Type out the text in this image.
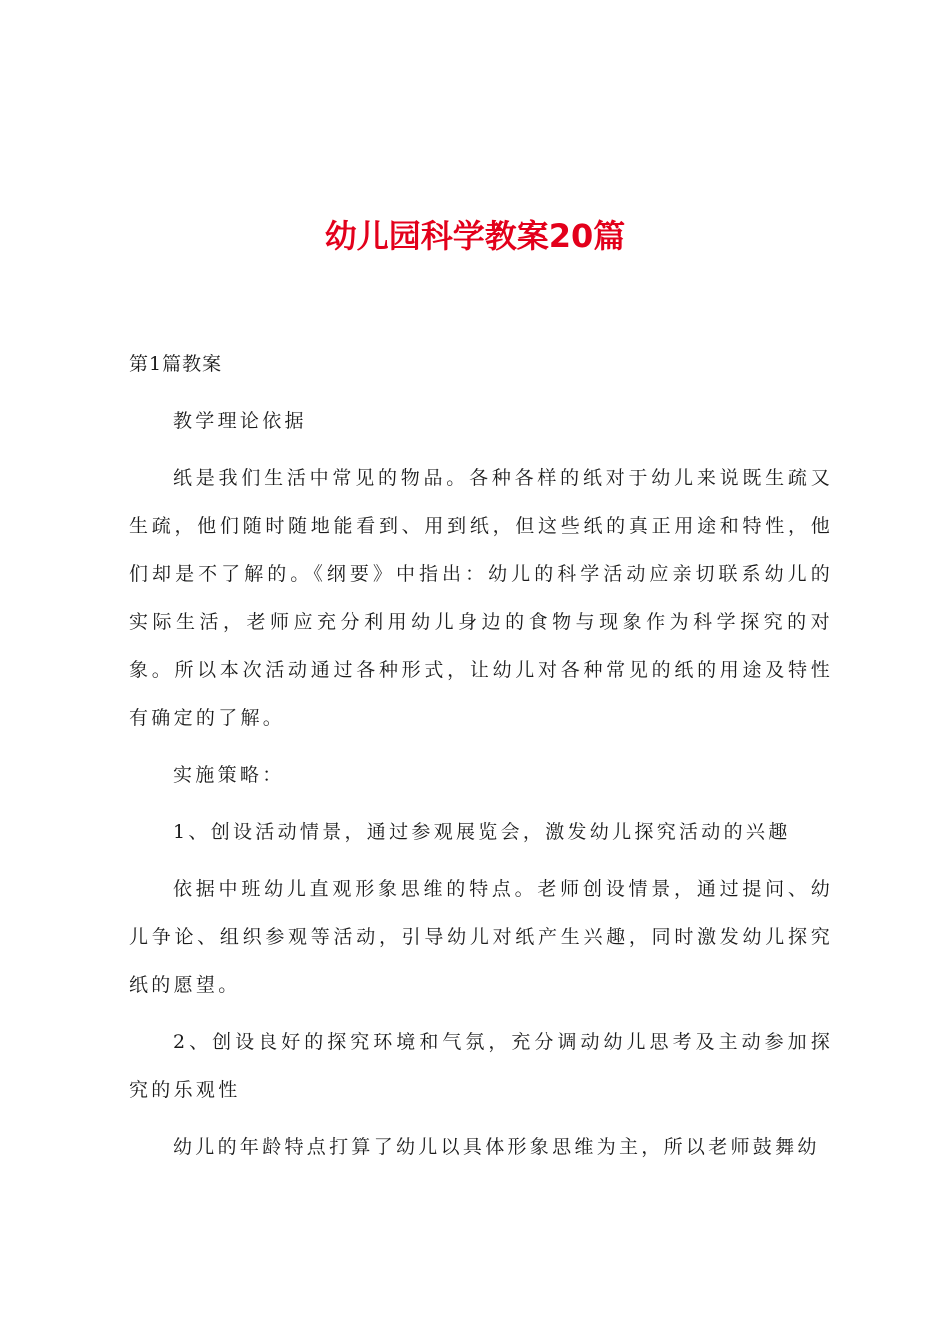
幼儿园科学教案20篇

第1篇教案

教学理论依据

纸是我们生活中常见的物品。各种各样的纸对于幼儿来说既生疏又生疏，他们随时随地能看到、用到纸，但这些纸的真正用途和特性，他们却是不了解的。《纲要》中指出：幼儿的科学活动应亲切联系幼儿的实际生活，老师应充分利用幼儿身边的食物与现象作为科学探究的对象。所以本次活动通过各种形式，让幼儿对各种常见的纸的用途及特性有确定的了解。

实施策略：

1、创设活动情景，通过参观展览会，激发幼儿探究活动的兴趣

依据中班幼儿直观形象思维的特点。老师创设情景，通过提问、幼儿争论、组织参观等活动，引导幼儿对纸产生兴趣，同时激发幼儿探究纸的愿望。

2、创设良好的探究环境和气氛，充分调动幼儿思考及主动参加探究的乐观性

幼儿的年龄特点打算了幼儿以具体形象思维为主，所以老师鼓舞幼
